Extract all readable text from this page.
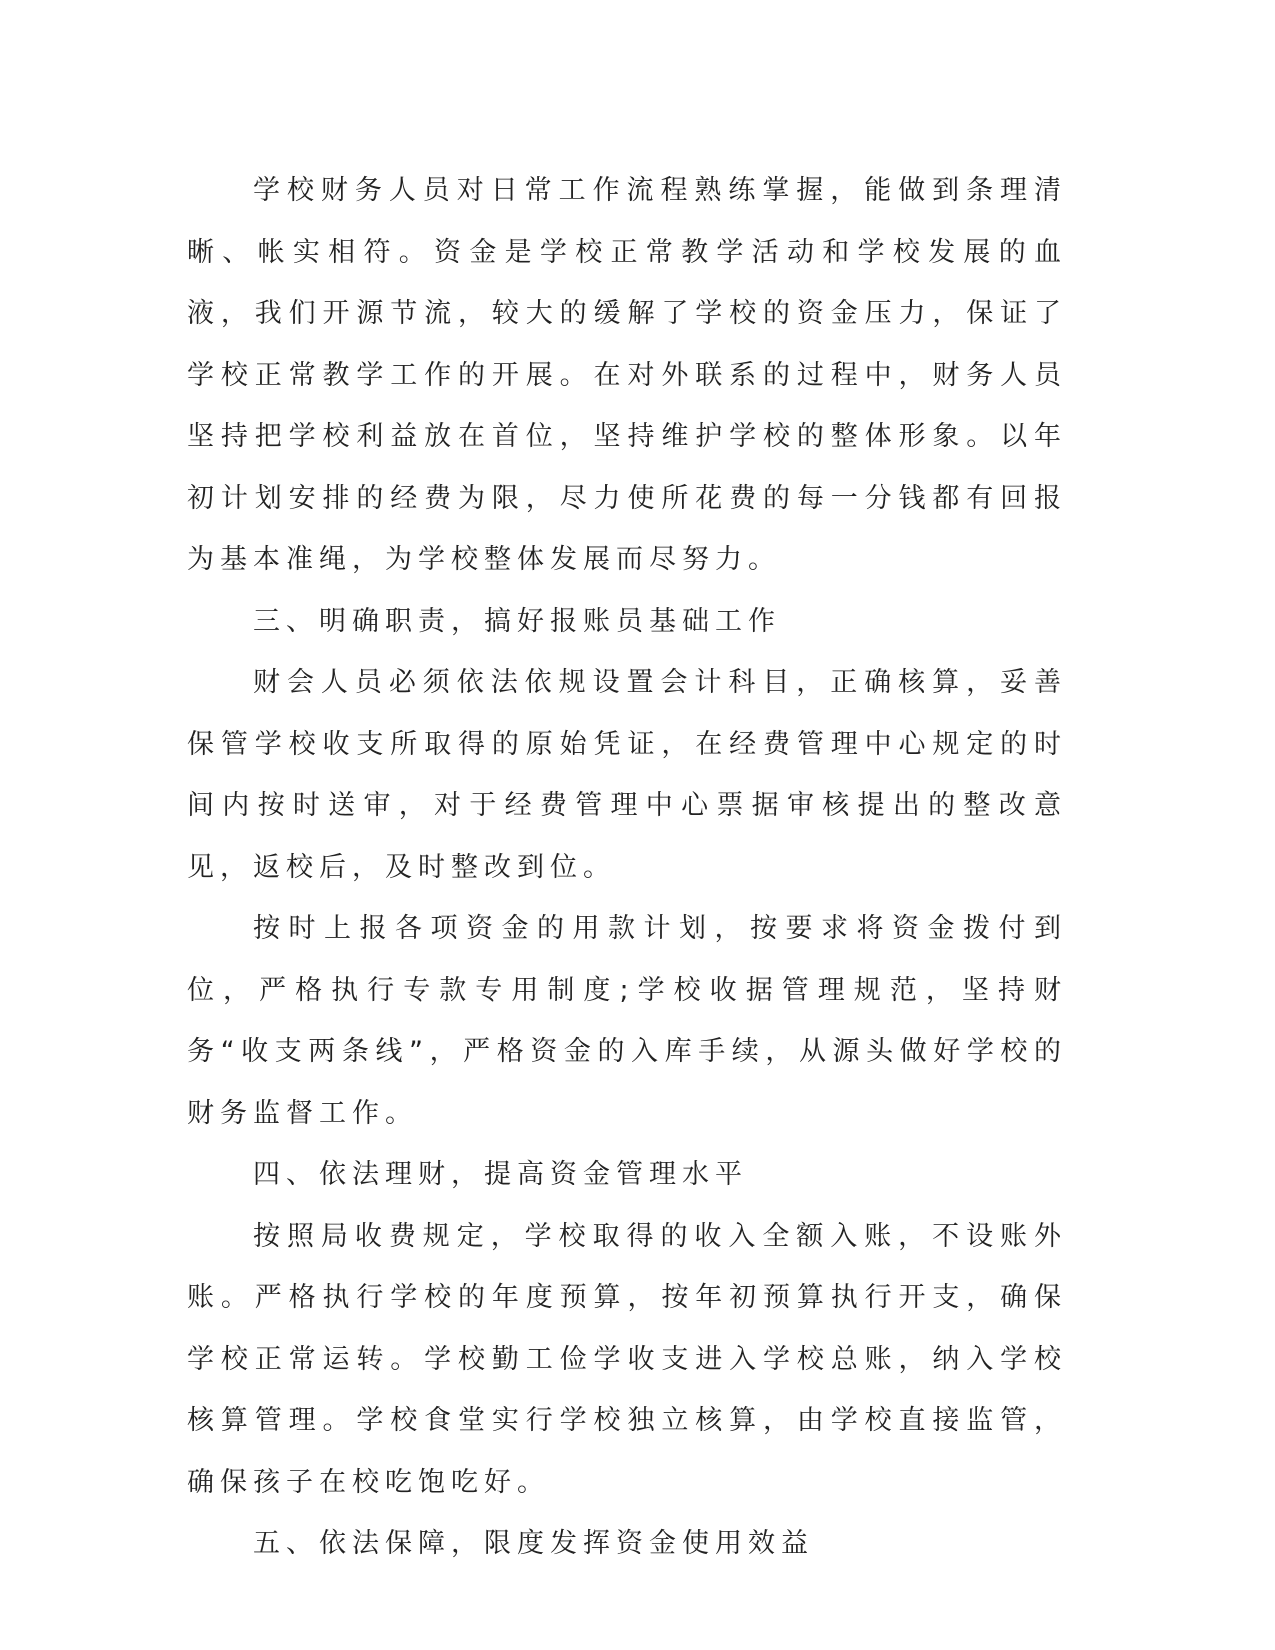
学校财务人员对日常工作流程熟练掌握，能做到条理清晰、帐实相符。资金是学校正常教学活动和学校发展的血液，我们开源节流，较大的缓解了学校的资金压力，保证了学校正常教学工作的开展。在对外联系的过程中，财务人员坚持把学校利益放在首位，坚持维护学校的整体形象。以年初计划安排的经费为限，尽力使所花费的每一分钱都有回报为基本准绳，为学校整体发展而尽努力。

三、明确职责，搞好报账员基础工作

财会人员必须依法依规设置会计科目，正确核算，妥善保管学校收支所取得的原始凭证，在经费管理中心规定的时间内按时送审，对于经费管理中心票据审核提出的整改意见，返校后，及时整改到位。

按时上报各项资金的用款计划，按要求将资金拨付到位，严格执行专款专用制度;学校收据管理规范，坚持财务“收支两条线”，严格资金的入库手续，从源头做好学校的财务监督工作。

四、依法理财，提高资金管理水平

按照局收费规定，学校取得的收入全额入账，不设账外账。严格执行学校的年度预算，按年初预算执行开支，确保学校正常运转。学校勤工俭学收支进入学校总账，纳入学校核算管理。学校食堂实行学校独立核算，由学校直接监管，确保孩子在校吃饱吃好。

五、依法保障，限度发挥资金使用效益
